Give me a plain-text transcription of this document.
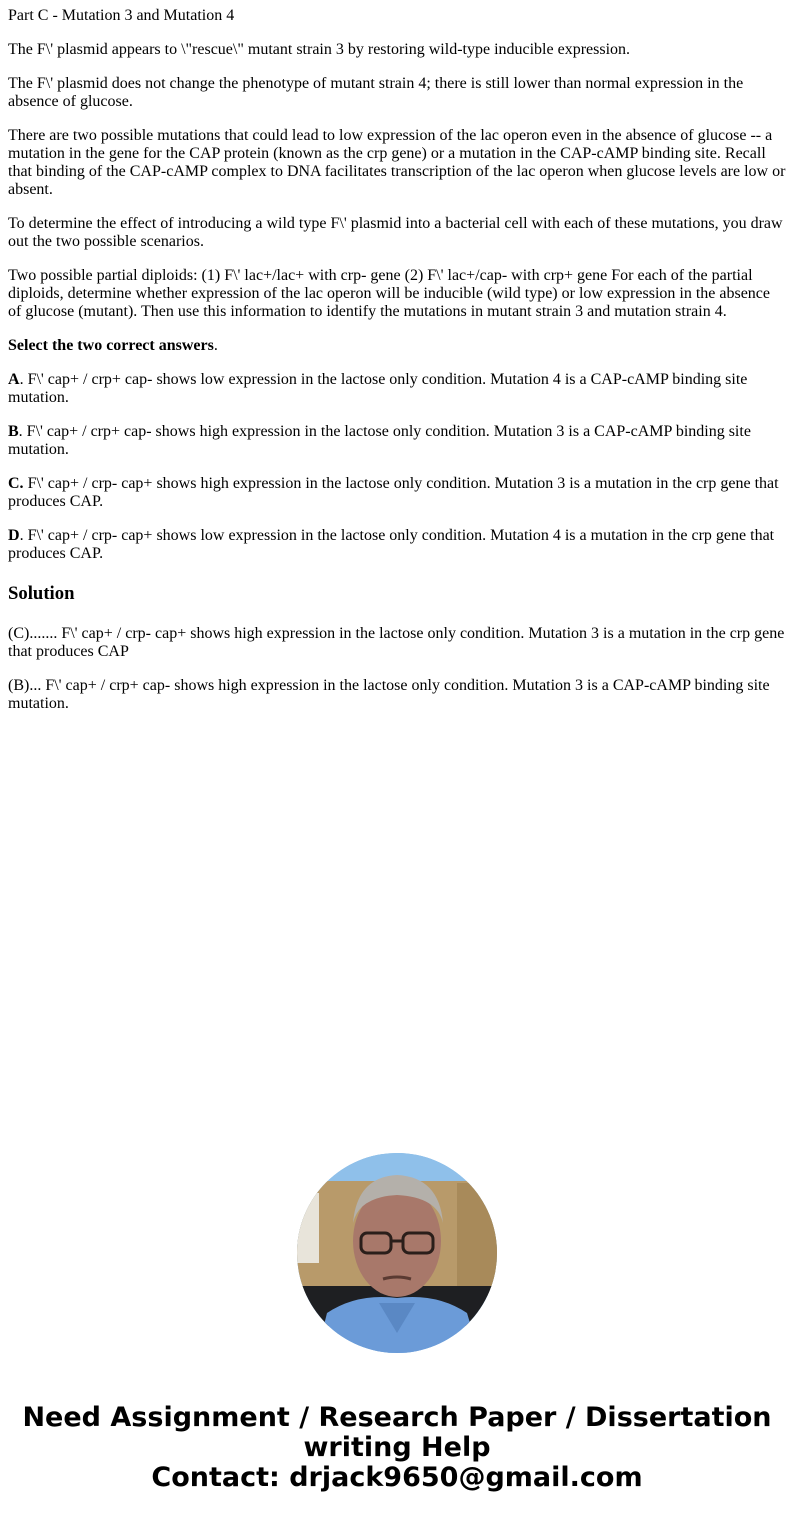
Part C - Mutation 3 and Mutation 4

The F\' plasmid appears to \"rescue\" mutant strain 3 by restoring wild-type inducible expression.

The F\' plasmid does not change the phenotype of mutant strain 4; there is still lower than normal expression in the absence of glucose.

There are two possible mutations that could lead to low expression of the lac operon even in the absence of glucose -- a mutation in the gene for the CAP protein (known as the crp gene) or a mutation in the CAP-cAMP binding site. Recall that binding of the CAP-cAMP complex to DNA facilitates transcription of the lac operon when glucose levels are low or absent.

To determine the effect of introducing a wild type F\' plasmid into a bacterial cell with each of these mutations, you draw out the two possible scenarios.

Two possible partial diploids: (1) F\' lac+/lac+ with crp- gene (2) F\' lac+/cap- with crp+ gene For each of the partial diploids, determine whether expression of the lac operon will be inducible (wild type) or low expression in the absence of glucose (mutant). Then use this information to identify the mutations in mutant strain 3 and mutation strain 4.

Select the two correct answers.

A. F\' cap+ / crp+ cap- shows low expression in the lactose only condition. Mutation 4 is a CAP-cAMP binding site mutation.

B. F\' cap+ / crp+ cap- shows high expression in the lactose only condition. Mutation 3 is a CAP-cAMP binding site mutation.

C. F\' cap+ / crp- cap+ shows high expression in the lactose only condition. Mutation 3 is a mutation in the crp gene that produces CAP.

D. F\' cap+ / crp- cap+ shows low expression in the lactose only condition. Mutation 4 is a mutation in the crp gene that produces CAP.

Solution

(C)....... F\' cap+ / crp- cap+ shows high expression in the lactose only condition. Mutation 3 is a mutation in the crp gene that produces CAP

(B)... F\' cap+ / crp+ cap- shows high expression in the lactose only condition. Mutation 3 is a CAP-cAMP binding site mutation.

Need Assignment / Research Paper / Dissertation
writing Help
Contact: drjack9650@gmail.com
